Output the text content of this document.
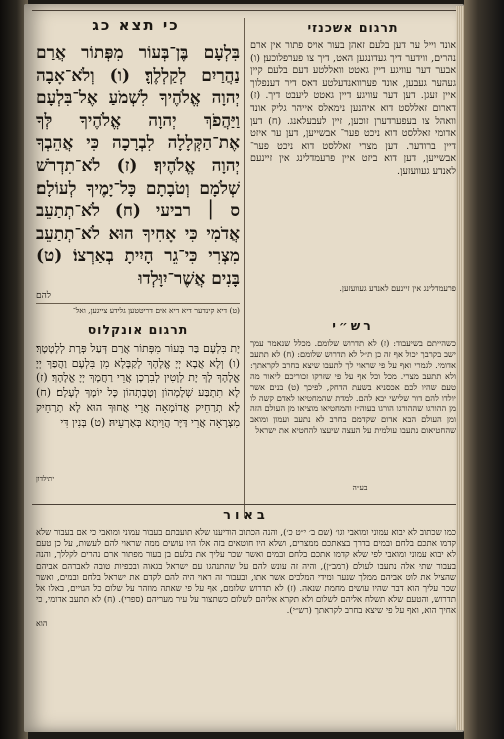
כי תצא כג

בִּלְעָם בֶּן־בְּעוֹר מִפְּתוֹר אֲרַם נַהֲרַיִם לְקַלְלֶךָּ׃ (ו) וְלֹא־אָבָה יְהוָה אֱלֹהֶיךָ לִשְׁמֹעַ אֶל־בִּלְעָם וַיַּהֲפֹךְ יְהוָה אֱלֹהֶיךָ לְּךָ אֶת־הַקְּלָלָה לִבְרָכָה כִּי אֲהֵבְךָ יְהוָה אֱלֹהֶיךָ׃ (ז) לֹא־תִדְרֹשׁ שְׁלֹמָם וְטֹבָתָם כָּל־יָמֶיךָ לְעוֹלָם׃ ס ׀ רביעי (ח) לֹא־תְתַעֵב אֲדֹמִי כִּי אָחִיךָ הוּא לֹא־תְתַעֵב מִצְרִי כִּי־גֵר הָיִיתָ בְאַרְצוֹ׃ (ט) בָּנִים אֲשֶׁר־יִוָּלְדוּ

להם
(ט) דיא קינדער דיא דיא אים דריטטען גלידע צייגען, ואל־
תרגום אונקלוס

יָת בִּלְעָם בַּר בְּעוֹר מִפְּתוֹר אֲרַם דְּעַל פְּרָת לְלָטָטָךְ׃ (ו) וְלָא אֲבָא יְיָ אֱלָהָךְ לְקַבָּלָא מִן בִּלְעָם וַהֲפַךְ יְיָ אֱלָהָךְ לָךְ יָת לְוָטִין לְבִרְכָן אֲרֵי רַחֲמָךְ יְיָ אֱלָהָךְ׃ (ז) לָא תִתְבַּע שְׁלָמְהוֹן וְטָבְתְהוֹן כָּל יוֹמָךְ לְעָלָם׃ (ח) לָא תְרַחֵיק אֲדוֹמָאָה אֲרֵי אֲחוּךְ הוּא לָא תְרַחֵיק מִצְרָאָה אֲרֵי דַּיָּר הֲוֵיתָא בְּאַרְעֵיהּ׃ (ט) בְּנִין דִּי

יתילדון
תרגום אשכנזי

אונד וייל ער דען בלעם זאהן בעור אויס פתור אין ארם נהרים, ווידער דיך געדונגען האט, דיך צו פערפלוכען׃ (ו) אבער דער עוויגע דיין גאטט וואללטע דעם בלעם קיין געהער געבען, אונד פערוואנדעלטע דאס דיר דענפלוך איין זעגן. דען דער עוויגע דיין גאטט ליעבט דיך. (ז) דארום זאללסט דוא איהנען נימאלס אייהר גליק אונד וואהל צו בעפערדערן זוכען, זיין לעבעלאנג. (ח) דען אדומי זאללסט דוא ניכט פער־ אבשייען, דען ער איזט דיין ברודער. דען מצרי זאללסט דוא ניכט פער־ אבשייען, דען דוא ביזט איין פרעמדלינג אין זיינעם לאנדע געוועזען.

פרעמדלינג אין זיינעם לאנדע געוועזען.
רש״י

כשהייתם בשיעבוד: (ז) לא תדרוש שלומם. מכלל שנאמר עמך ישב בקרבך יכול אף זה כן ת״ל לא תדרוש שלומם: (ח) לא תתעב אדומי. לגמרי ואף על פי שראוי לך לתעבו שיצא בחרב לקראתך: ולא תתעב מצרי. מכל וכל אף על פי שזרקו זכוריכם ליאור מה טעם שהיו לכם אכסניא בשעת הדחק, לפיכך (ט) בנים אשר יולדו להם דור שלישי יבא להם. למדת שהמחטיאו לאדם קשה לו מן ההורגו שההורגו הורגו בעוה״ז והמחטיאו מוציאו מן העולם הזה ומן העולם הבא אדום שקדמם בחרב לא נתעב ועמון ומואב שהחטיאום נתעבו עולמית על העצה שיעצו להחטיא את ישראל

בע״ה
באור

כמו שכתוב לא יבוא עמוני ומואבי וגו׳ (שם ב׳ י״ט כ׳), והנה הכתוב הודיענו שלא תועבתם בעבור עמוני ומואבי כי אם בעבור שלא קדמו אתכם בלחם ובמים בדרך בצאתכם ממצרים, ושלא היו חוטאים בזה אלו היו עושים ממה שראוי להם לעשות, על כן טעם לא יבוא עמוני ומואבי לפי שלא קדמו אתכם בלחם ובמים ואשר שכר עליך את בלעם בן בעור מפתור ארם נהרים לקללך, והנה בעבור שתי אלה נתעבו לעולם (רמב״ן), והיה זה עונש להם על שהתנהגו עם ישראל בגאוה ובכפיות טובה לאברהם אביהם שהציל את לוט אביהם ממלך שנער ומידי המלכים אשר אתו, ובעבור זה ראוי היה להם לקדם את ישראל בלחם ובמים, ואשר שכר עליך הוא דבר שהיו עושים מחמת שנאה. (ז) לא תדרוש שלומם, אף על פי שאתה מוזהר על שלום כל הגויים, באלו אל תדרוש, והטעם שלא תשלח אליהם לשלום ולא תקרא אליהם לשלום כשתצור על עיר מעריהם (ספרי). (ח) לא תתעב אדומי, כי אחיך הוא, ואף על פי שיצא בחרב לקראתך (רש״י).

הוא
